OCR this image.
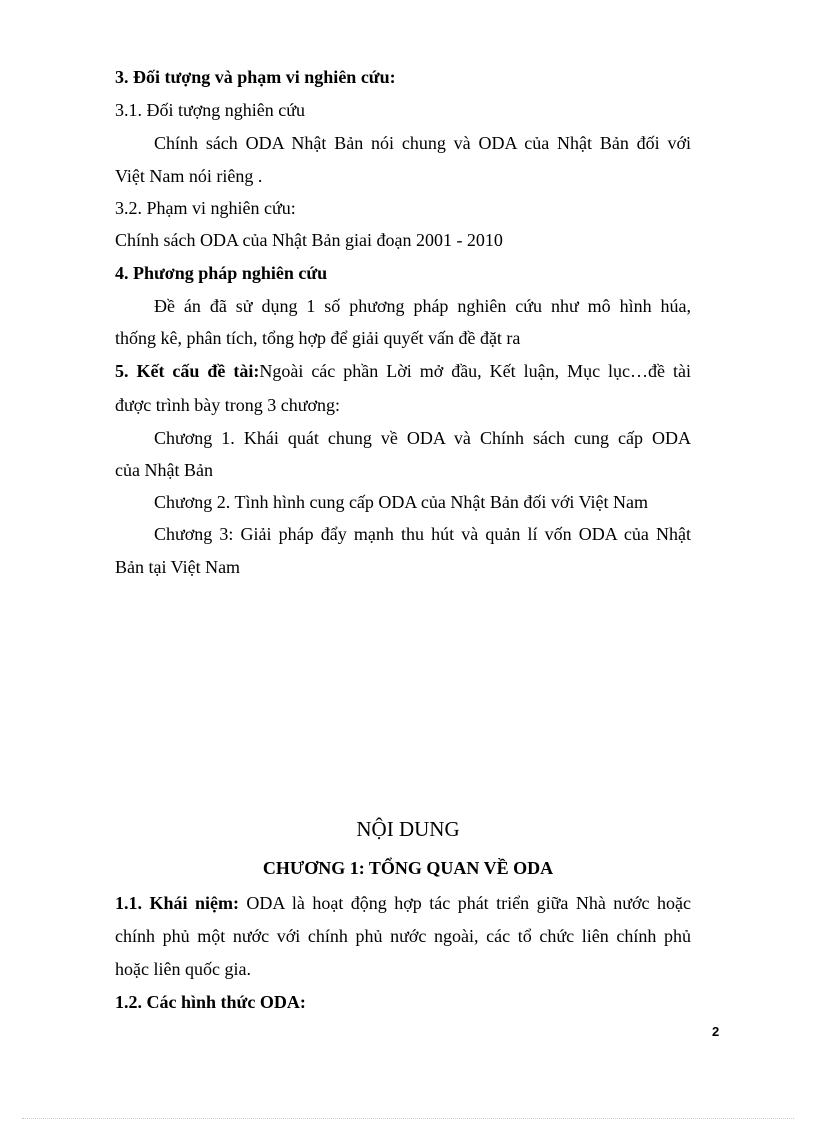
3. Đối tượng và phạm vi nghiên cứu:
3.1. Đối tượng nghiên cứu
Chính sách ODA Nhật Bản nói chung và ODA của Nhật Bản đối với
Việt Nam nói riêng .
3.2. Phạm vi nghiên cứu:
Chính sách ODA của Nhật Bản giai đoạn 2001 - 2010
4. Phương pháp nghiên cứu
Đề án đã sử dụng 1 số phương pháp nghiên cứu như mô hình húa,
thống kê, phân tích, tổng hợp để giải quyết vấn đề đặt ra
5. Kết cấu đề tài:Ngoài các phần Lời mở đầu, Kết luận, Mục lục…đề tài
được trình bày trong 3 chương:
Chương 1. Khái quát chung về ODA và Chính sách cung cấp ODA
của Nhật Bản
Chương 2. Tình hình cung cấp ODA của Nhật Bản đối với Việt Nam
Chương 3: Giải pháp đẩy mạnh thu hút và quản lí vốn ODA của Nhật
Bản tại Việt Nam
NỘI DUNG
CHƯƠNG 1: TỔNG QUAN VỀ ODA
1.1. Khái niệm: ODA là hoạt động hợp tác phát triển giữa Nhà nước hoặc
chính phủ một nước với chính phủ nước ngoài, các tổ chức liên chính phủ
hoặc liên quốc gia.
1.2. Các hình thức ODA:
2
